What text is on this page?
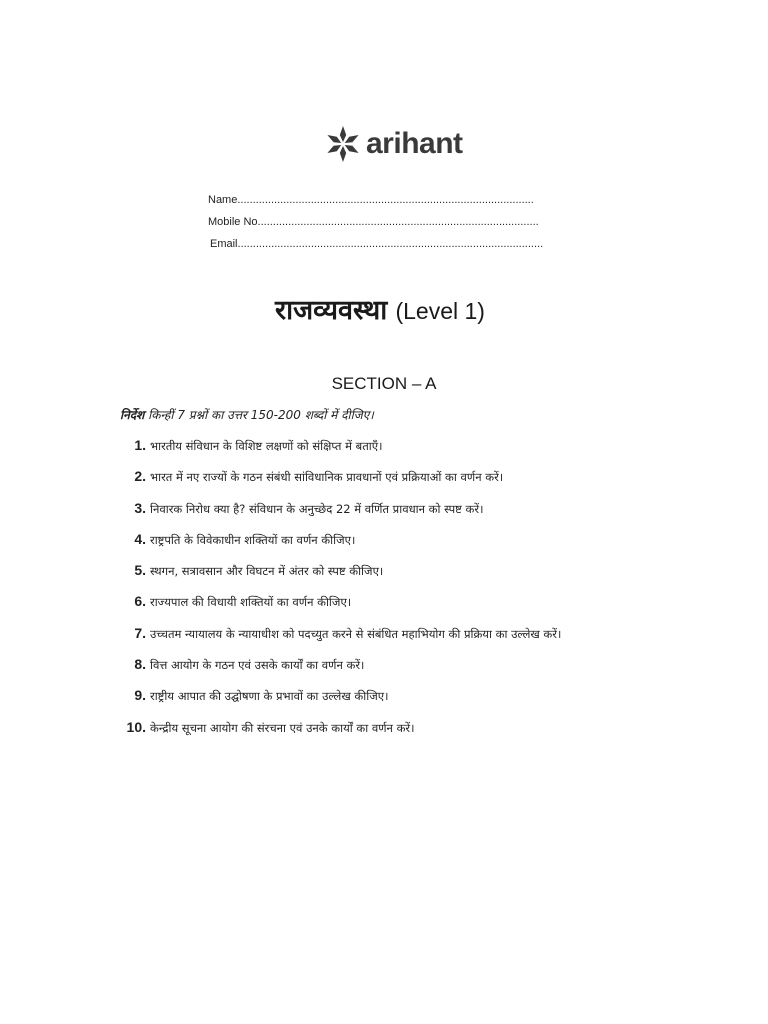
arihant
Name .................................................................................................
Mobile No. ...........................................................................................
Email ....................................................................................................
राजव्यवस्था (Level 1)
SECTION – A
निर्देश किन्हीं 7 प्रश्नों का उत्तर 150-200 शब्दों में दीजिए।
1. भारतीय संविधान के विशिष्ट लक्षणों को संक्षिप्त में बताएँ।
2. भारत में नए राज्यों के गठन संबंधी सांविधानिक प्रावधानों एवं प्रक्रियाओं का वर्णन करें।
3. निवारक निरोध क्या है? संविधान के अनुच्छेद 22 में वर्णित प्रावधान को स्पष्ट करें।
4. राष्ट्रपति के विवेकाधीन शक्तियों का वर्णन कीजिए।
5. स्थगन, सत्रावसान और विघटन में अंतर को स्पष्ट कीजिए।
6. राज्यपाल की विधायी शक्तियों का वर्णन कीजिए।
7. उच्चतम न्यायालय के न्यायाधीश को पदच्युत करने से संबंधित महाभियोग की प्रक्रिया का उल्लेख करें।
8. वित्त आयोग के गठन एवं उसके कार्यों का वर्णन करें।
9. राष्ट्रीय आपात की उद्घोषणा के प्रभावों का उल्लेख कीजिए।
10. केन्द्रीय सूचना आयोग की संरचना एवं उनके कार्यों का वर्णन करें।
